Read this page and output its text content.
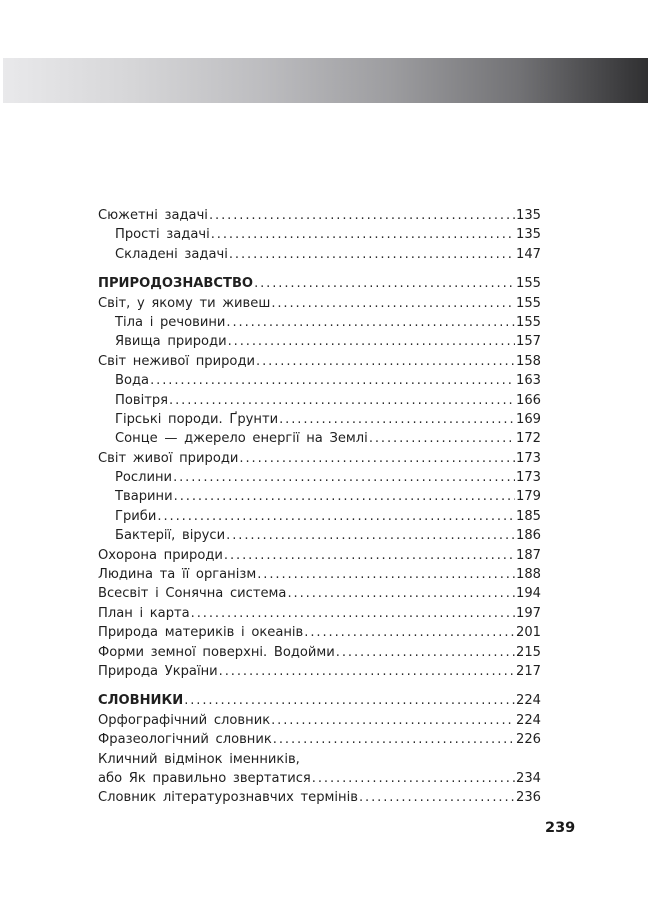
Сюжетні задачі .....	135
Прості задачі .....	135
Складені задачі .....	147
ПРИРОДОЗНАВСТВО .....	155
Світ, у якому ти живеш .....	155
Тіла і речовини .....	155
Явища природи .....	157
Світ неживої природи .....	158
Вода .....	163
Повітря .....	166
Гірські породи. Ґрунти .....	169
Сонце — джерело енергії на Землі .....	172
Світ живої природи .....	173
Рослини .....	173
Тварини .....	179
Гриби .....	185
Бактерії, віруси .....	186
Охорона природи .....	187
Людина та її організм .....	188
Всесвіт і Сонячна система .....	194
План і карта .....	197
Природа материків і океанів .....	201
Форми земної поверхні. Водойми .....	215
Природа України .....	217
СЛОВНИКИ .....	224
Орфографічний словник .....	224
Фразеологічний словник .....	226
Кличний відмінок іменників,
або Як правильно звертатися .....	234
Словник літературознавчих термінів .....	236
239
